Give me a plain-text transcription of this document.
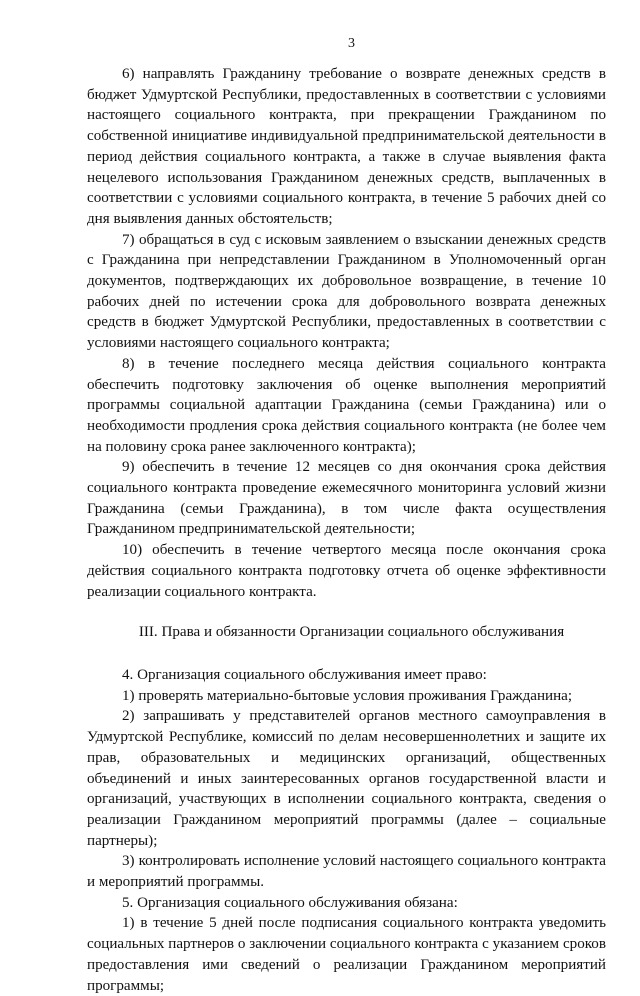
3

6) направлять Гражданину требование о возврате денежных средств в бюджет Удмуртской Республики, предоставленных в соответствии с условиями настоящего социального контракта, при прекращении Гражданином по собственной инициативе индивидуальной предпринимательской деятельности в период действия социального контракта, а также в случае выявления факта нецелевого использования Гражданином денежных средств, выплаченных в соответствии с условиями социального контракта, в течение 5 рабочих дней со дня выявления данных обстоятельств;

7) обращаться в суд с исковым заявлением о взыскании денежных средств с Гражданина при непредставлении Гражданином в Уполномоченный орган документов, подтверждающих их добровольное возвращение, в течение 10 рабочих дней по истечении срока для добровольного возврата денежных средств в бюджет Удмуртской Республики, предоставленных в соответствии с условиями настоящего социального контракта;

8) в течение последнего месяца действия социального контракта обеспечить подготовку заключения об оценке выполнения мероприятий программы социальной адаптации Гражданина (семьи Гражданина) или о необходимости продления срока действия социального контракта (не более чем на половину срока ранее заключенного контракта);

9) обеспечить в течение 12 месяцев со дня окончания срока действия социального контракта проведение ежемесячного мониторинга условий жизни Гражданина (семьи Гражданина), в том числе факта осуществления Гражданином предпринимательской деятельности;

10) обеспечить в течение четвертого месяца после окончания срока действия социального контракта подготовку отчета об оценке эффективности реализации социального контракта.

III. Права и обязанности Организации социального обслуживания

4. Организация социального обслуживания имеет право:

1) проверять материально-бытовые условия проживания Гражданина;

2) запрашивать у представителей органов местного самоуправления в Удмуртской Республике, комиссий по делам несовершеннолетних и защите их прав, образовательных и медицинских организаций, общественных объединений и иных заинтересованных органов государственной власти и организаций, участвующих в исполнении социального контракта, сведения о реализации Гражданином мероприятий программы (далее – социальные партнеры);

3) контролировать исполнение условий настоящего социального контракта и мероприятий программы.

5. Организация социального обслуживания обязана:

1) в течение 5 дней после подписания социального контракта уведомить социальных партнеров о заключении социального контракта с указанием сроков предоставления ими сведений о реализации Гражданином мероприятий программы;
